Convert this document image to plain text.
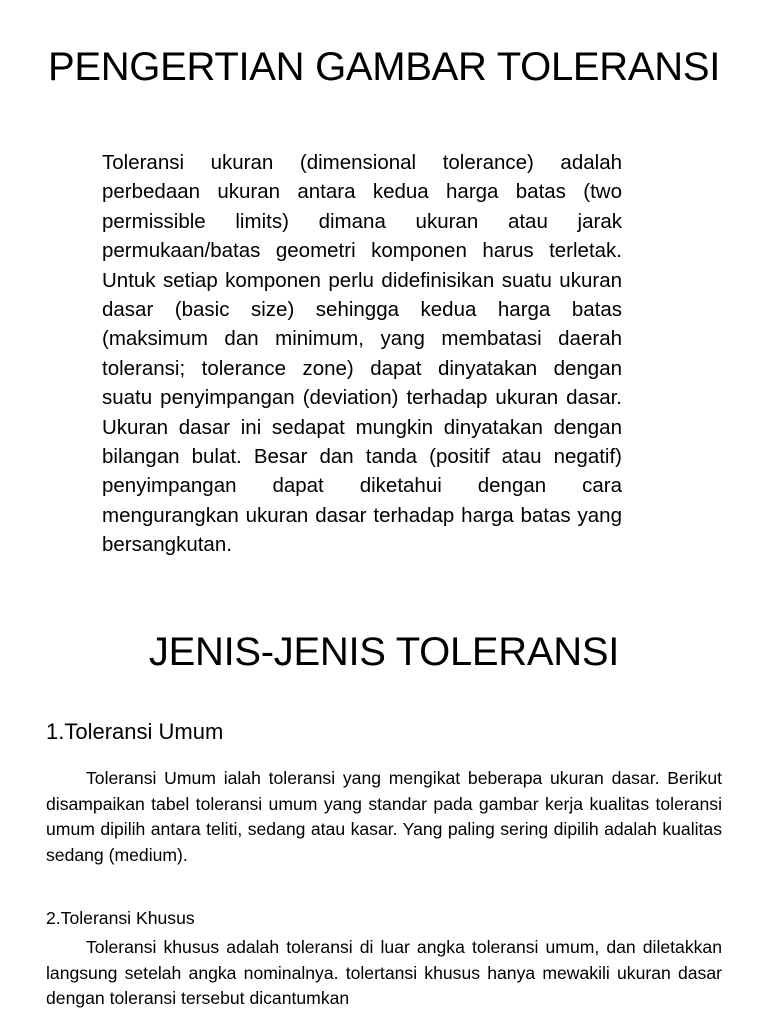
PENGERTIAN GAMBAR TOLERANSI

Toleransi ukuran (dimensional tolerance) adalah perbedaan ukuran antara kedua harga batas (two permissible limits) dimana ukuran atau jarak permukaan/batas geometri komponen harus terletak. Untuk setiap komponen perlu didefinisikan suatu ukuran dasar (basic size) sehingga kedua harga batas (maksimum dan minimum, yang membatasi daerah toleransi; tolerance zone) dapat dinyatakan dengan suatu penyimpangan (deviation) terhadap ukuran dasar. Ukuran dasar ini sedapat mungkin dinyatakan dengan bilangan bulat. Besar dan tanda (positif atau negatif) penyimpangan dapat diketahui dengan cara mengurangkan ukuran dasar terhadap harga batas yang bersangkutan.

JENIS-JENIS TOLERANSI
1.Toleransi Umum

Toleransi Umum ialah toleransi yang mengikat beberapa ukuran dasar. Berikut disampaikan tabel toleransi umum yang standar pada gambar kerja kualitas toleransi umum dipilih antara teliti, sedang atau kasar. Yang paling sering dipilih adalah kualitas sedang (medium).

2.Toleransi Khusus

Toleransi khusus adalah toleransi di luar angka toleransi umum, dan diletakkan langsung setelah angka nominalnya. tolertansi khusus hanya mewakili ukuran dasar dengan toleransi tersebut dicantumkan
